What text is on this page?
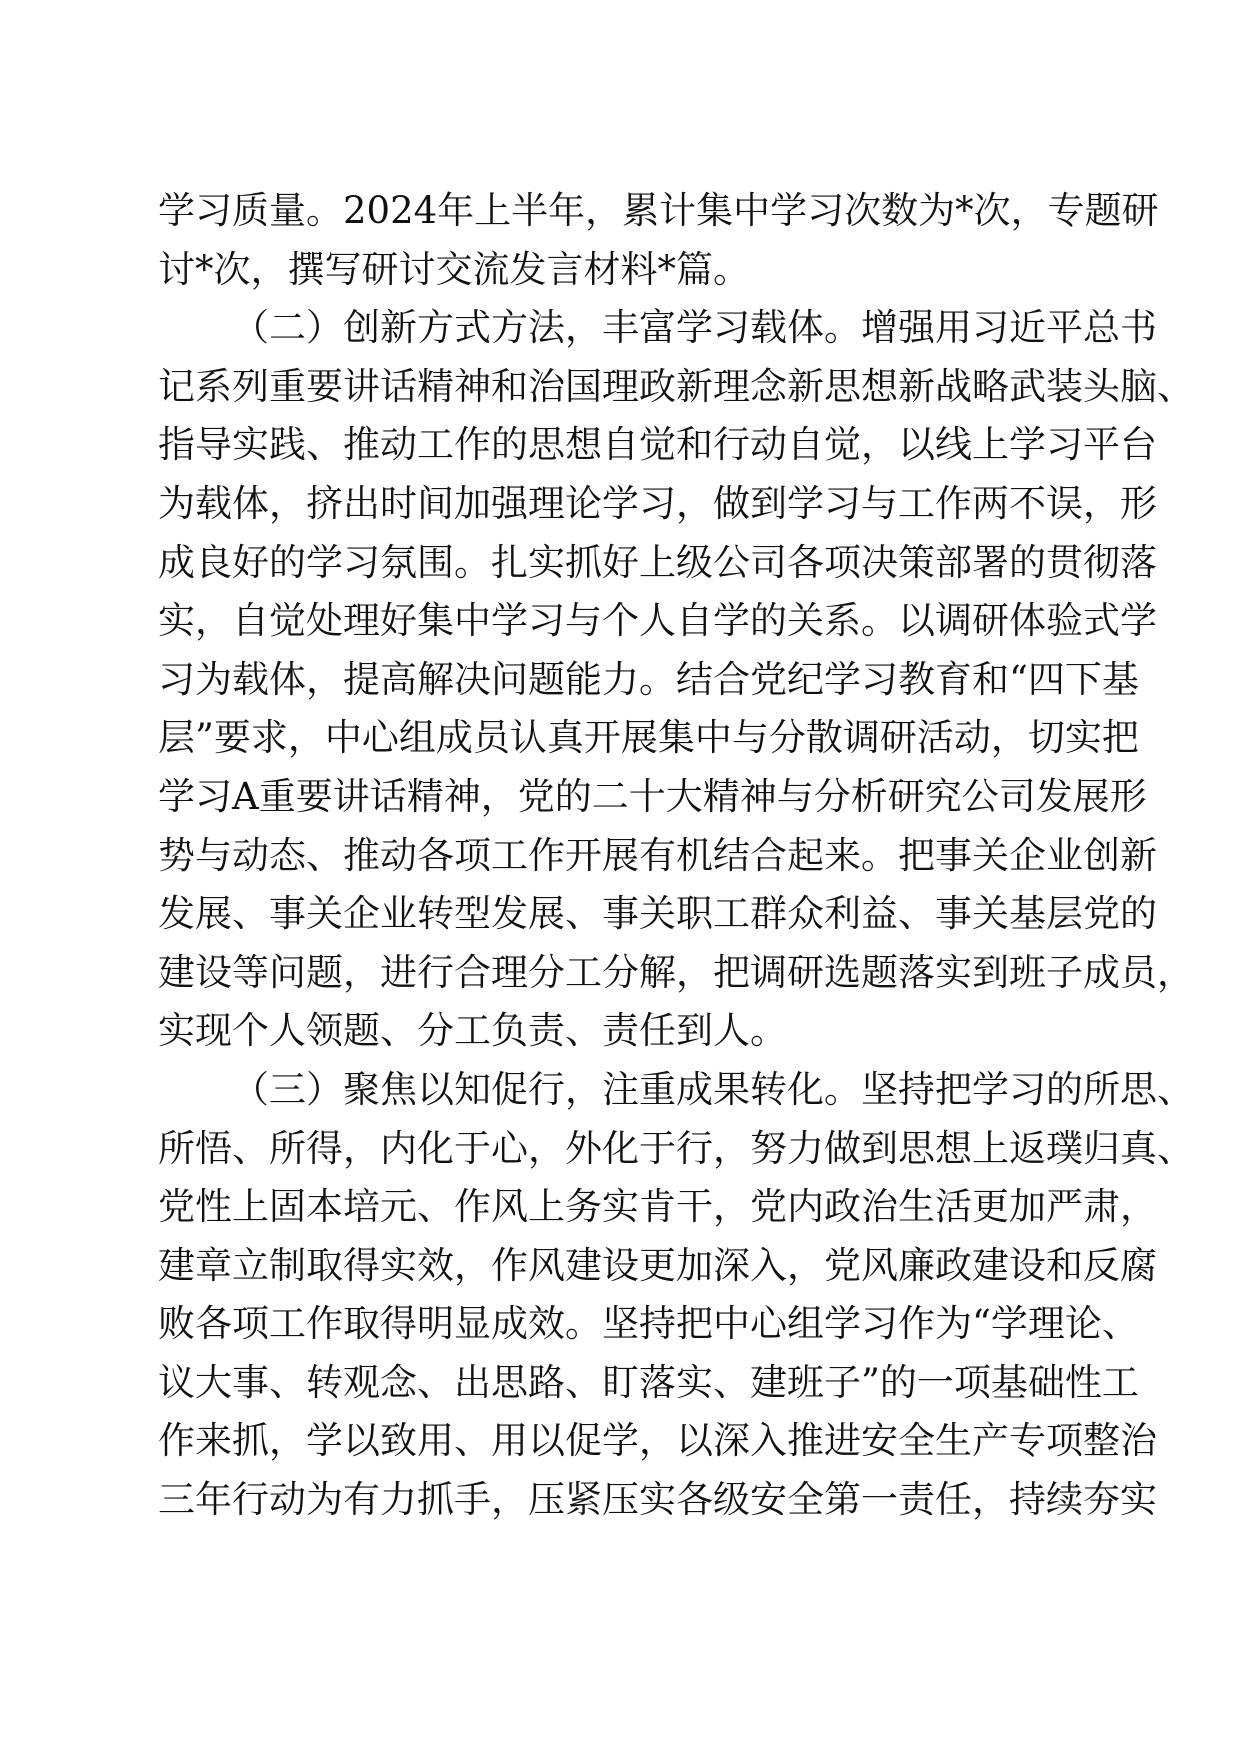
学习质量。2024年上半年，累计集中学习次数为*次，专题研
讨*次，撰写研讨交流发言材料*篇。
（二）创新方式方法，丰富学习载体。增强用习近平总书
记系列重要讲话精神和治国理政新理念新思想新战略武装头脑、
指导实践、推动工作的思想自觉和行动自觉，以线上学习平台
为载体，挤出时间加强理论学习，做到学习与工作两不误，形
成良好的学习氛围。扎实抓好上级公司各项决策部署的贯彻落
实，自觉处理好集中学习与个人自学的关系。以调研体验式学
习为载体，提高解决问题能力。结合党纪学习教育和“四下基
层”要求，中心组成员认真开展集中与分散调研活动，切实把
学习A重要讲话精神，党的二十大精神与分析研究公司发展形
势与动态、推动各项工作开展有机结合起来。把事关企业创新
发展、事关企业转型发展、事关职工群众利益、事关基层党的
建设等问题，进行合理分工分解，把调研选题落实到班子成员，
实现个人领题、分工负责、责任到人。
（三）聚焦以知促行，注重成果转化。坚持把学习的所思、
所悟、所得，内化于心，外化于行，努力做到思想上返璞归真、
党性上固本培元、作风上务实肯干，党内政治生活更加严肃，
建章立制取得实效，作风建设更加深入，党风廉政建设和反腐
败各项工作取得明显成效。坚持把中心组学习作为“学理论、
议大事、转观念、出思路、盯落实、建班子”的一项基础性工
作来抓，学以致用、用以促学，以深入推进安全生产专项整治
三年行动为有力抓手，压紧压实各级安全第一责任，持续夯实
